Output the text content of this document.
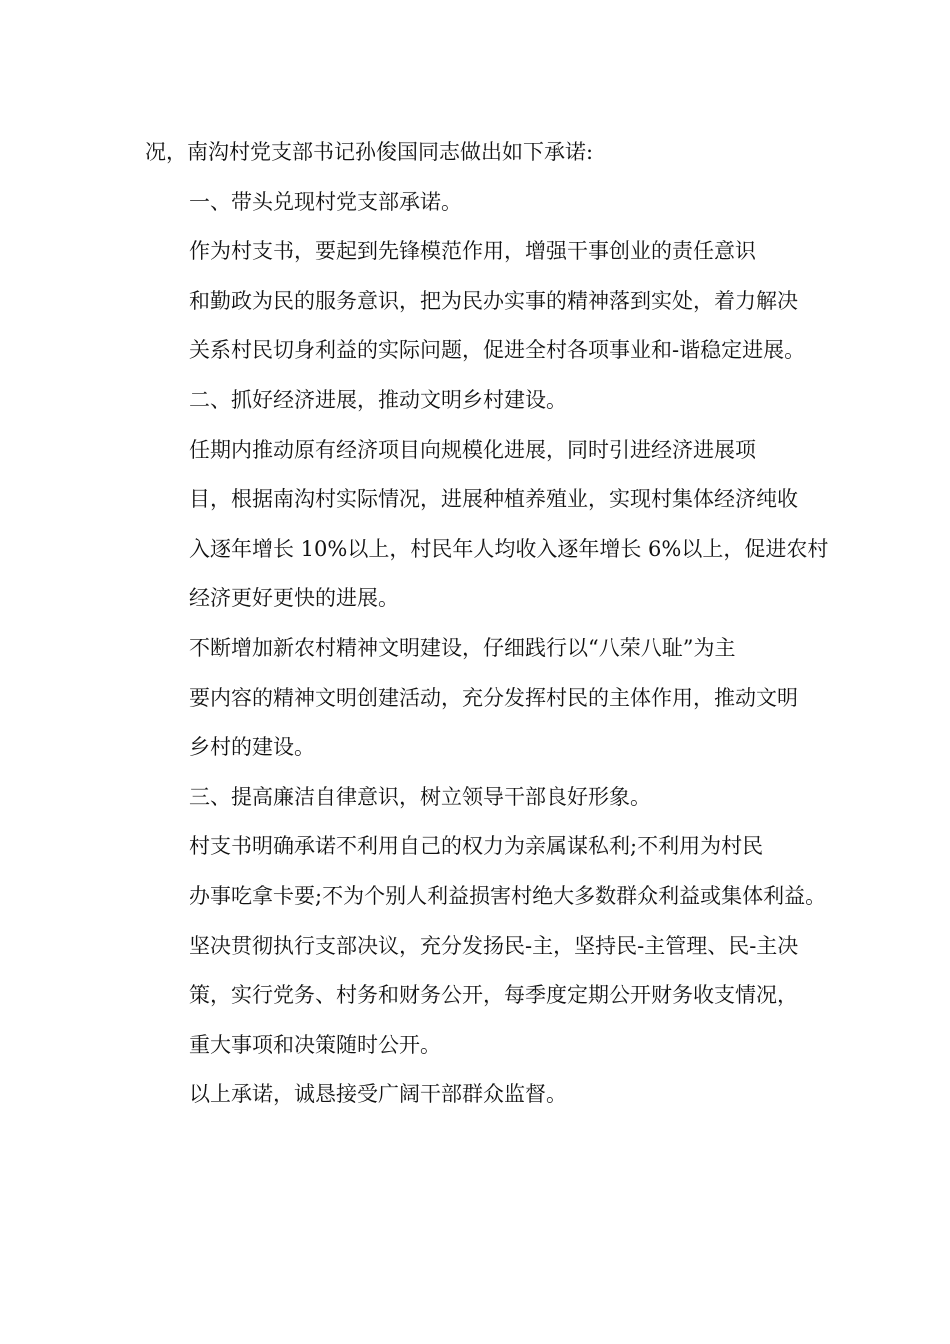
况，南沟村党支部书记孙俊国同志做出如下承诺:

一、带头兑现村党支部承诺。

作为村支书，要起到先锋模范作用，增强干事创业的责任意识
和勤政为民的服务意识，把为民办实事的精神落到实处，着力解决
关系村民切身利益的实际问题，促进全村各项事业和-谐稳定进展。

二、抓好经济进展，推动文明乡村建设。

任期内推动原有经济项目向规模化进展，同时引进经济进展项
目，根据南沟村实际情况，进展种植养殖业，实现村集体经济纯收
入逐年增长 10%以上，村民年人均收入逐年增长 6%以上，促进农村
经济更好更快的进展。

不断增加新农村精神文明建设，仔细践行以“八荣八耻”为主
要内容的精神文明创建活动，充分发挥村民的主体作用，推动文明
乡村的建设。

三、提高廉洁自律意识，树立领导干部良好形象。

村支书明确承诺不利用自己的权力为亲属谋私利;不利用为村民
办事吃拿卡要;不为个别人利益损害村绝大多数群众利益或集体利益。
坚决贯彻执行支部决议，充分发扬民-主，坚持民-主管理、民-主决
策，实行党务、村务和财务公开，每季度定期公开财务收支情况，
重大事项和决策随时公开。

以上承诺，诚恳接受广阔干部群众监督。
